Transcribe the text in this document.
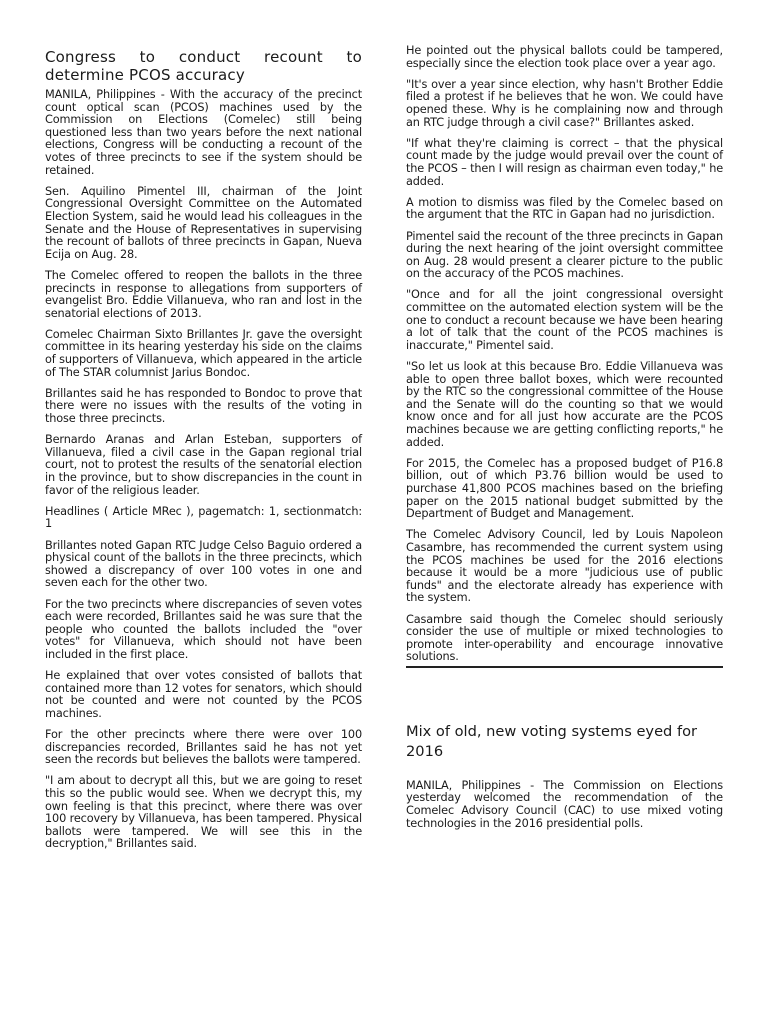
Congress to conduct recount to determine PCOS accuracy

MANILA, Philippines - With the accuracy of the precinct count optical scan (PCOS) machines used by the Commission on Elections (Comelec) still being questioned less than two years before the next national elections, Congress will be conducting a recount of the votes of three precincts to see if the system should be retained.

Sen. Aquilino Pimentel III, chairman of the Joint Congressional Oversight Committee on the Automated Election System, said he would lead his colleagues in the Senate and the House of Representatives in supervising the recount of ballots of three precincts in Gapan, Nueva Ecija on Aug. 28.

The Comelec offered to reopen the ballots in the three precincts in response to allegations from supporters of evangelist Bro. Eddie Villanueva, who ran and lost in the senatorial elections of 2013.

Comelec Chairman Sixto Brillantes Jr. gave the oversight committee in its hearing yesterday his side on the claims of supporters of Villanueva, which appeared in the article of The STAR columnist Jarius Bondoc.

Brillantes said he has responded to Bondoc to prove that there were no issues with the results of the voting in those three precincts.

Bernardo Aranas and Arlan Esteban, supporters of Villanueva, filed a civil case in the Gapan regional trial court, not to protest the results of the senatorial election in the province, but to show discrepancies in the count in favor of the religious leader.

Headlines ( Article MRec ), pagematch: 1, sectionmatch: 1

Brillantes noted Gapan RTC Judge Celso Baguio ordered a physical count of the ballots in the three precincts, which showed a discrepancy of over 100 votes in one and seven each for the other two.

For the two precincts where discrepancies of seven votes each were recorded, Brillantes said he was sure that the people who counted the ballots included the "over votes" for Villanueva, which should not have been included in the first place.

He explained that over votes consisted of ballots that contained more than 12 votes for senators, which should not be counted and were not counted by the PCOS machines.

For the other precincts where there were over 100 discrepancies recorded, Brillantes said he has not yet seen the records but believes the ballots were tampered.

"I am about to decrypt all this, but we are going to reset this so the public would see. When we decrypt this, my own feeling is that this precinct, where there was over 100 recovery by Villanueva, has been tampered. Physical ballots were tampered. We will see this in the decryption," Brillantes said.

He pointed out the physical ballots could be tampered, especially since the election took place over a year ago.

"It's over a year since election, why hasn't Brother Eddie filed a protest if he believes that he won. We could have opened these. Why is he complaining now and through an RTC judge through a civil case?" Brillantes asked.

"If what they're claiming is correct – that the physical count made by the judge would prevail over the count of the PCOS – then I will resign as chairman even today," he added.

A motion to dismiss was filed by the Comelec based on the argument that the RTC in Gapan had no jurisdiction.

Pimentel said the recount of the three precincts in Gapan during the next hearing of the joint oversight committee on Aug. 28 would present a clearer picture to the public on the accuracy of the PCOS machines.

"Once and for all the joint congressional oversight committee on the automated election system will be the one to conduct a recount because we have been hearing a lot of talk that the count of the PCOS machines is inaccurate," Pimentel said.

"So let us look at this because Bro. Eddie Villanueva was able to open three ballot boxes, which were recounted by the RTC so the congressional committee of the House and the Senate will do the counting so that we would know once and for all just how accurate are the PCOS machines because we are getting conflicting reports," he added.

For 2015, the Comelec has a proposed budget of P16.8 billion, out of which P3.76 billion would be used to purchase 41,800 PCOS machines based on the briefing paper on the 2015 national budget submitted by the Department of Budget and Management.

The Comelec Advisory Council, led by Louis Napoleon Casambre, has recommended the current system using the PCOS machines be used for the 2016 elections because it would be a more "judicious use of public funds" and the electorate already has experience with the system.

Casambre said though the Comelec should seriously consider the use of multiple or mixed technologies to promote inter-operability and encourage innovative solutions.

Mix of old, new voting systems eyed for 2016

MANILA, Philippines - The Commission on Elections yesterday welcomed the recommendation of the Comelec Advisory Council (CAC) to use mixed voting technologies in the 2016 presidential polls.
